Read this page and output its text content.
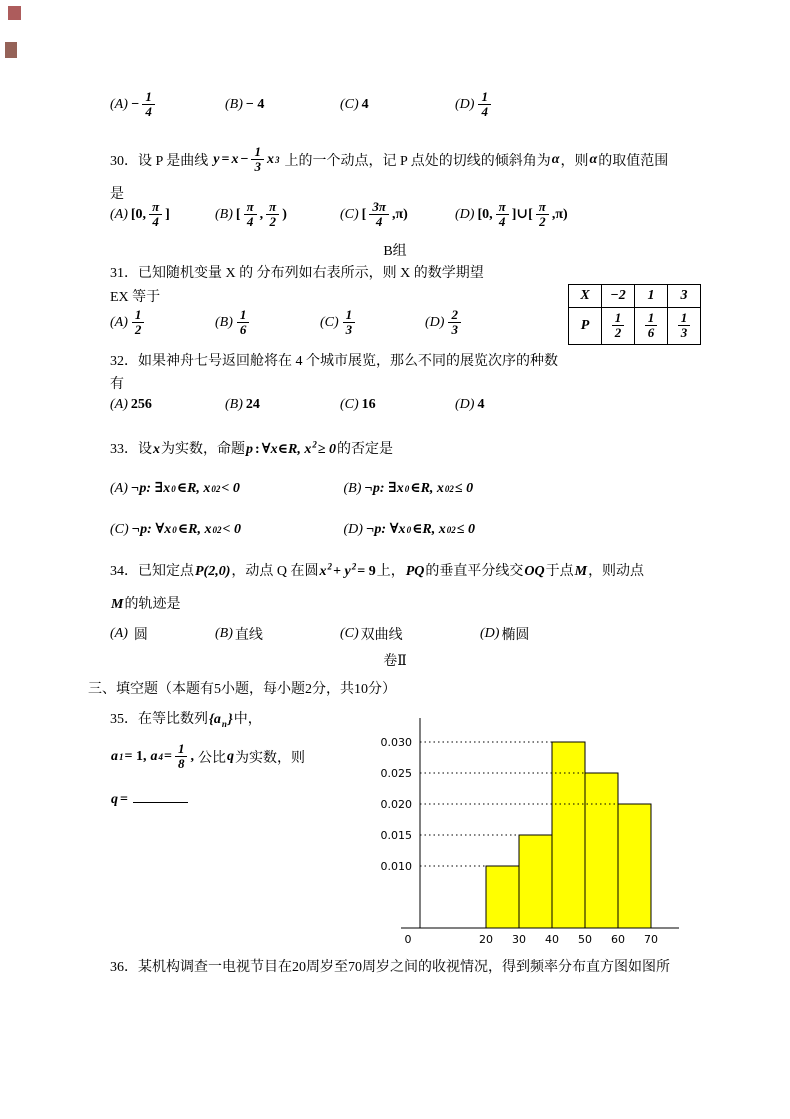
$(A) - \frac{1}{4}$	(B) − 4	(C) 4	$(D) \frac{1}{4}$
30．设 P 是曲线 $y = x - \frac{1}{3}$ x 3 上的一个动点，记 P 点处的切线的倾斜角为 α ，则 α 的取值范围
是
(A) [0, $\frac{\pi}{4}$ ]	(B) [ $\frac{\pi}{4}$ , $\frac{\pi}{2}$ )	(C) [ $\frac{3\pi}{4} ,\pi$)	(D) [0, $\frac{\pi}{4}$ ]∪[ $\frac{\pi}{2} ,\pi$)
B组
31．已知随机变量 X 的 分布列如右表所示，则 X 的数学期望
EX 等于
$(A) \frac{1}{2}$	$(B) \frac{1}{6}$	$(C) \frac{1}{3}$	$(D) \frac{2}{3}$
X	−2	1	3
P	$\frac{1}{2}$	$\frac{1}{6}$	$\frac{1}{3}$
32．如果神舟七号返回舱将在 4 个城市展览，那么不同的展览次序的种数
有
(A) 256	(B) 24	(C) 16	(D) 4
33．设x为实数，命题p : ∀x∈R, $x^2\ge 0$的否定是
(A) ¬p: ∃x 0 ∈R, x 0 2 < 0
	(B) ¬p: ∃x 0 ∈R, x 0 2 ≤ 0
(C) ¬p: ∀x 0 ∈R, x 0 2 < 0
	(D) ¬p: ∀x 0 ∈R, x 0 2 ≤ 0
34．已知定点P(2,0)，动点 Q 在圆$x^2+ y^2= 9$上，PQ的垂直平分线交OQ于点M，则动点
M的轨迹是
(A) 圆	(B) 直线	(C) 双曲线	(D) 椭圆
卷Ⅱ
三、填空题（本题有5小题，每小题2分，共10分）
35．在等比数列$\{a_n\}$中，
a 1 = 1, a $4 = \frac{1}{8}$ , 公比 q 为实数，则
q =
0.010
0.015
0.020
0.025
0.030
0	20 30 40 50 60 70
36．某机构调查一电视节目在20周岁至70周岁之间的收视情况，得到频率分布直方图如图所
